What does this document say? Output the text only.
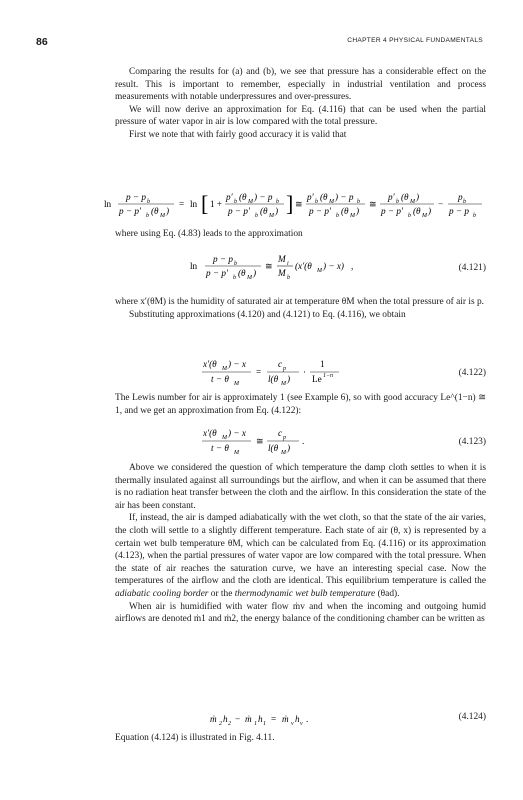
86	CHAPTER 4 PHYSICAL FUNDAMENTALS

Comparing the results for (a) and (b), we see that pressure has a considerable effect on the result. This is important to remember, especially in industrial ventilation and process measurements with notable underpressures and over-pressures.

We will now derive an approximation for Eq. (4.116) that can be used when the partial pressure of water vapor in air is low compared with the total pressure.

First we note that with fairly good accuracy it is valid that

ln
p − p b
p − p′ b (θ M )
= ln [ 1 +
p′ b (θ M ) − p b
p − p′ b (θ M ) ] ≅
p′ b (θ M ) − p b
p − p′ b (θ M )
≅
p′ b (θ M )
p − p′ b (θ M )
−
p b
p − p b

where using Eq. (4.83) leads to the approximation

ln
p − p b
p − p′ b (θ M )
≅
M i
M b
(x′(θ M ) − x) ,	(4.121)

where x′(θM) is the humidity of saturated air at temperature θM when the total pressure of air is p.

Substituting approximations (4.120) and (4.121) to Eq. (4.116), we obtain

x′(θ M ) − x
t − θ M
=
c p
l(θ M )
·
1
Le 1−n	(4.122)

The Lewis number for air is approximately 1 (see Example 6), so with good accuracy Le^(1−n) ≅ 1, and we get an approximation from Eq. (4.122):

x′(θ M ) − x
t − θ M
≅
c p
l(θ M )
.	(4.123)

Above we considered the question of which temperature the damp cloth settles to when it is thermally insulated against all surroundings but the airflow, and when it can be assumed that there is no radiation heat transfer between the cloth and the airflow. In this consideration the state of the air has been constant.

If, instead, the air is damped adiabatically with the wet cloth, so that the state of the air varies, the cloth will settle to a slightly different temperature. Each state of air (θ, x) is represented by a certain wet bulb temperature θM, which can be calculated from Eq. (4.116) or its approximation (4.123), when the partial pressures of water vapor are low compared with the total pressure. When the state of air reaches the saturation curve, we have an interesting special case. Now the temperatures of the airflow and the cloth are identical. This equilibrium temperature is called the adiabatic cooling border or the thermodynamic wet bulb temperature (θad).

When air is humidified with water flow ṁv and when the incoming and outgoing humid airflows are denoted ṁ1 and ṁ2, the energy balance of the conditioning chamber can be written as

ṁ 2 h 2 − ṁ 1 h 1 = ṁ v h v .	(4.124)

Equation (4.124) is illustrated in Fig. 4.11.
